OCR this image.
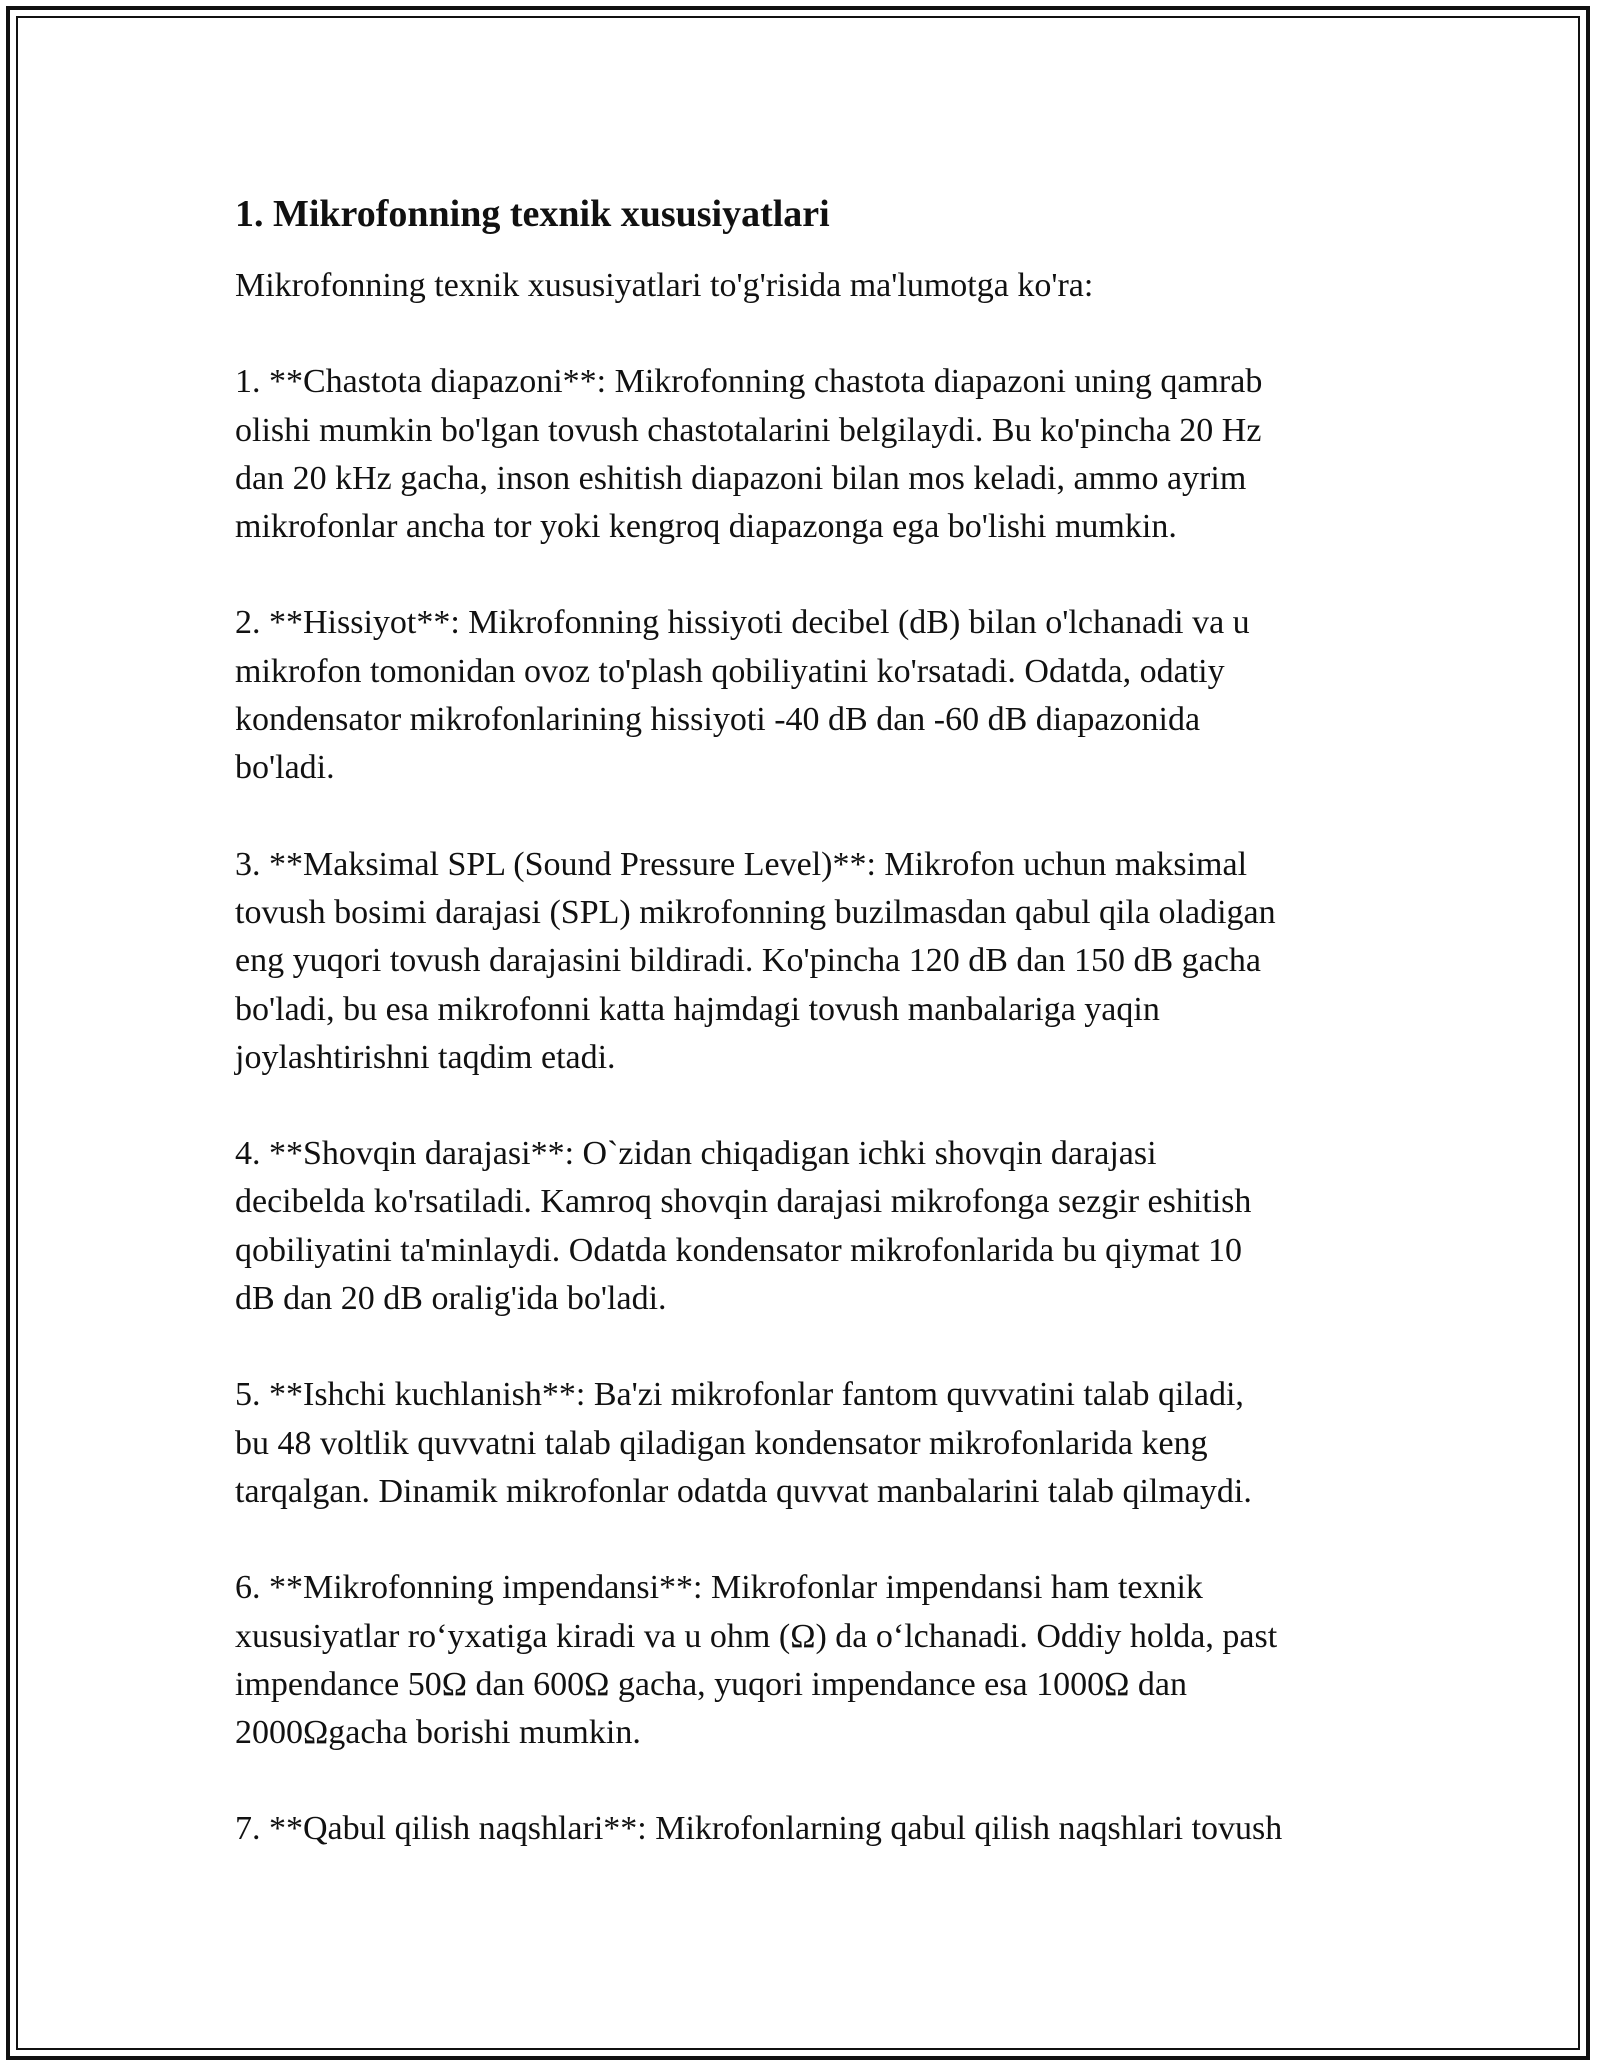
1. Mikrofonning texnik xususiyatlari

Mikrofonning texnik xususiyatlari to'g'risida ma'lumotga ko'ra:

1. **Chastota diapazoni**: Mikrofonning chastota diapazoni uning qamrab
olishi mumkin bo'lgan tovush chastotalarini belgilaydi. Bu ko'pincha 20 Hz
dan 20 kHz gacha, inson eshitish diapazoni bilan mos keladi, ammo ayrim
mikrofonlar ancha tor yoki kengroq diapazonga ega bo'lishi mumkin.

2. **Hissiyot**: Mikrofonning hissiyoti decibel (dB) bilan o'lchanadi va u
mikrofon tomonidan ovoz to'plash qobiliyatini ko'rsatadi. Odatda, odatiy
kondensator mikrofonlarining hissiyoti -40 dB dan -60 dB diapazonida
bo'ladi.

3. **Maksimal SPL (Sound Pressure Level)**: Mikrofon uchun maksimal
tovush bosimi darajasi (SPL) mikrofonning buzilmasdan qabul qila oladigan
eng yuqori tovush darajasini bildiradi. Ko'pincha 120 dB dan 150 dB gacha
bo'ladi, bu esa mikrofonni katta hajmdagi tovush manbalariga yaqin
joylashtirishni taqdim etadi.

4. **Shovqin darajasi**: O`zidan chiqadigan ichki shovqin darajasi
decibelda ko'rsatiladi. Kamroq shovqin darajasi mikrofonga sezgir eshitish
qobiliyatini ta'minlaydi. Odatda kondensator mikrofonlarida bu qiymat 10
dB dan 20 dB oralig'ida bo'ladi.

5. **Ishchi kuchlanish**: Ba'zi mikrofonlar fantom quvvatini talab qiladi,
bu 48 voltlik quvvatni talab qiladigan kondensator mikrofonlarida keng
tarqalgan. Dinamik mikrofonlar odatda quvvat manbalarini talab qilmaydi.

6. **Mikrofonning impendansi**: Mikrofonlar impendansi ham texnik
xususiyatlar roʻyxatiga kiradi va u ohm (Ω) da oʻlchanadi. Oddiy holda, past
impendance 50Ω dan 600Ω gacha, yuqori impendance esa 1000Ω dan
2000Ωgacha borishi mumkin.

7. **Qabul qilish naqshlari**: Mikrofonlarning qabul qilish naqshlari tovush
